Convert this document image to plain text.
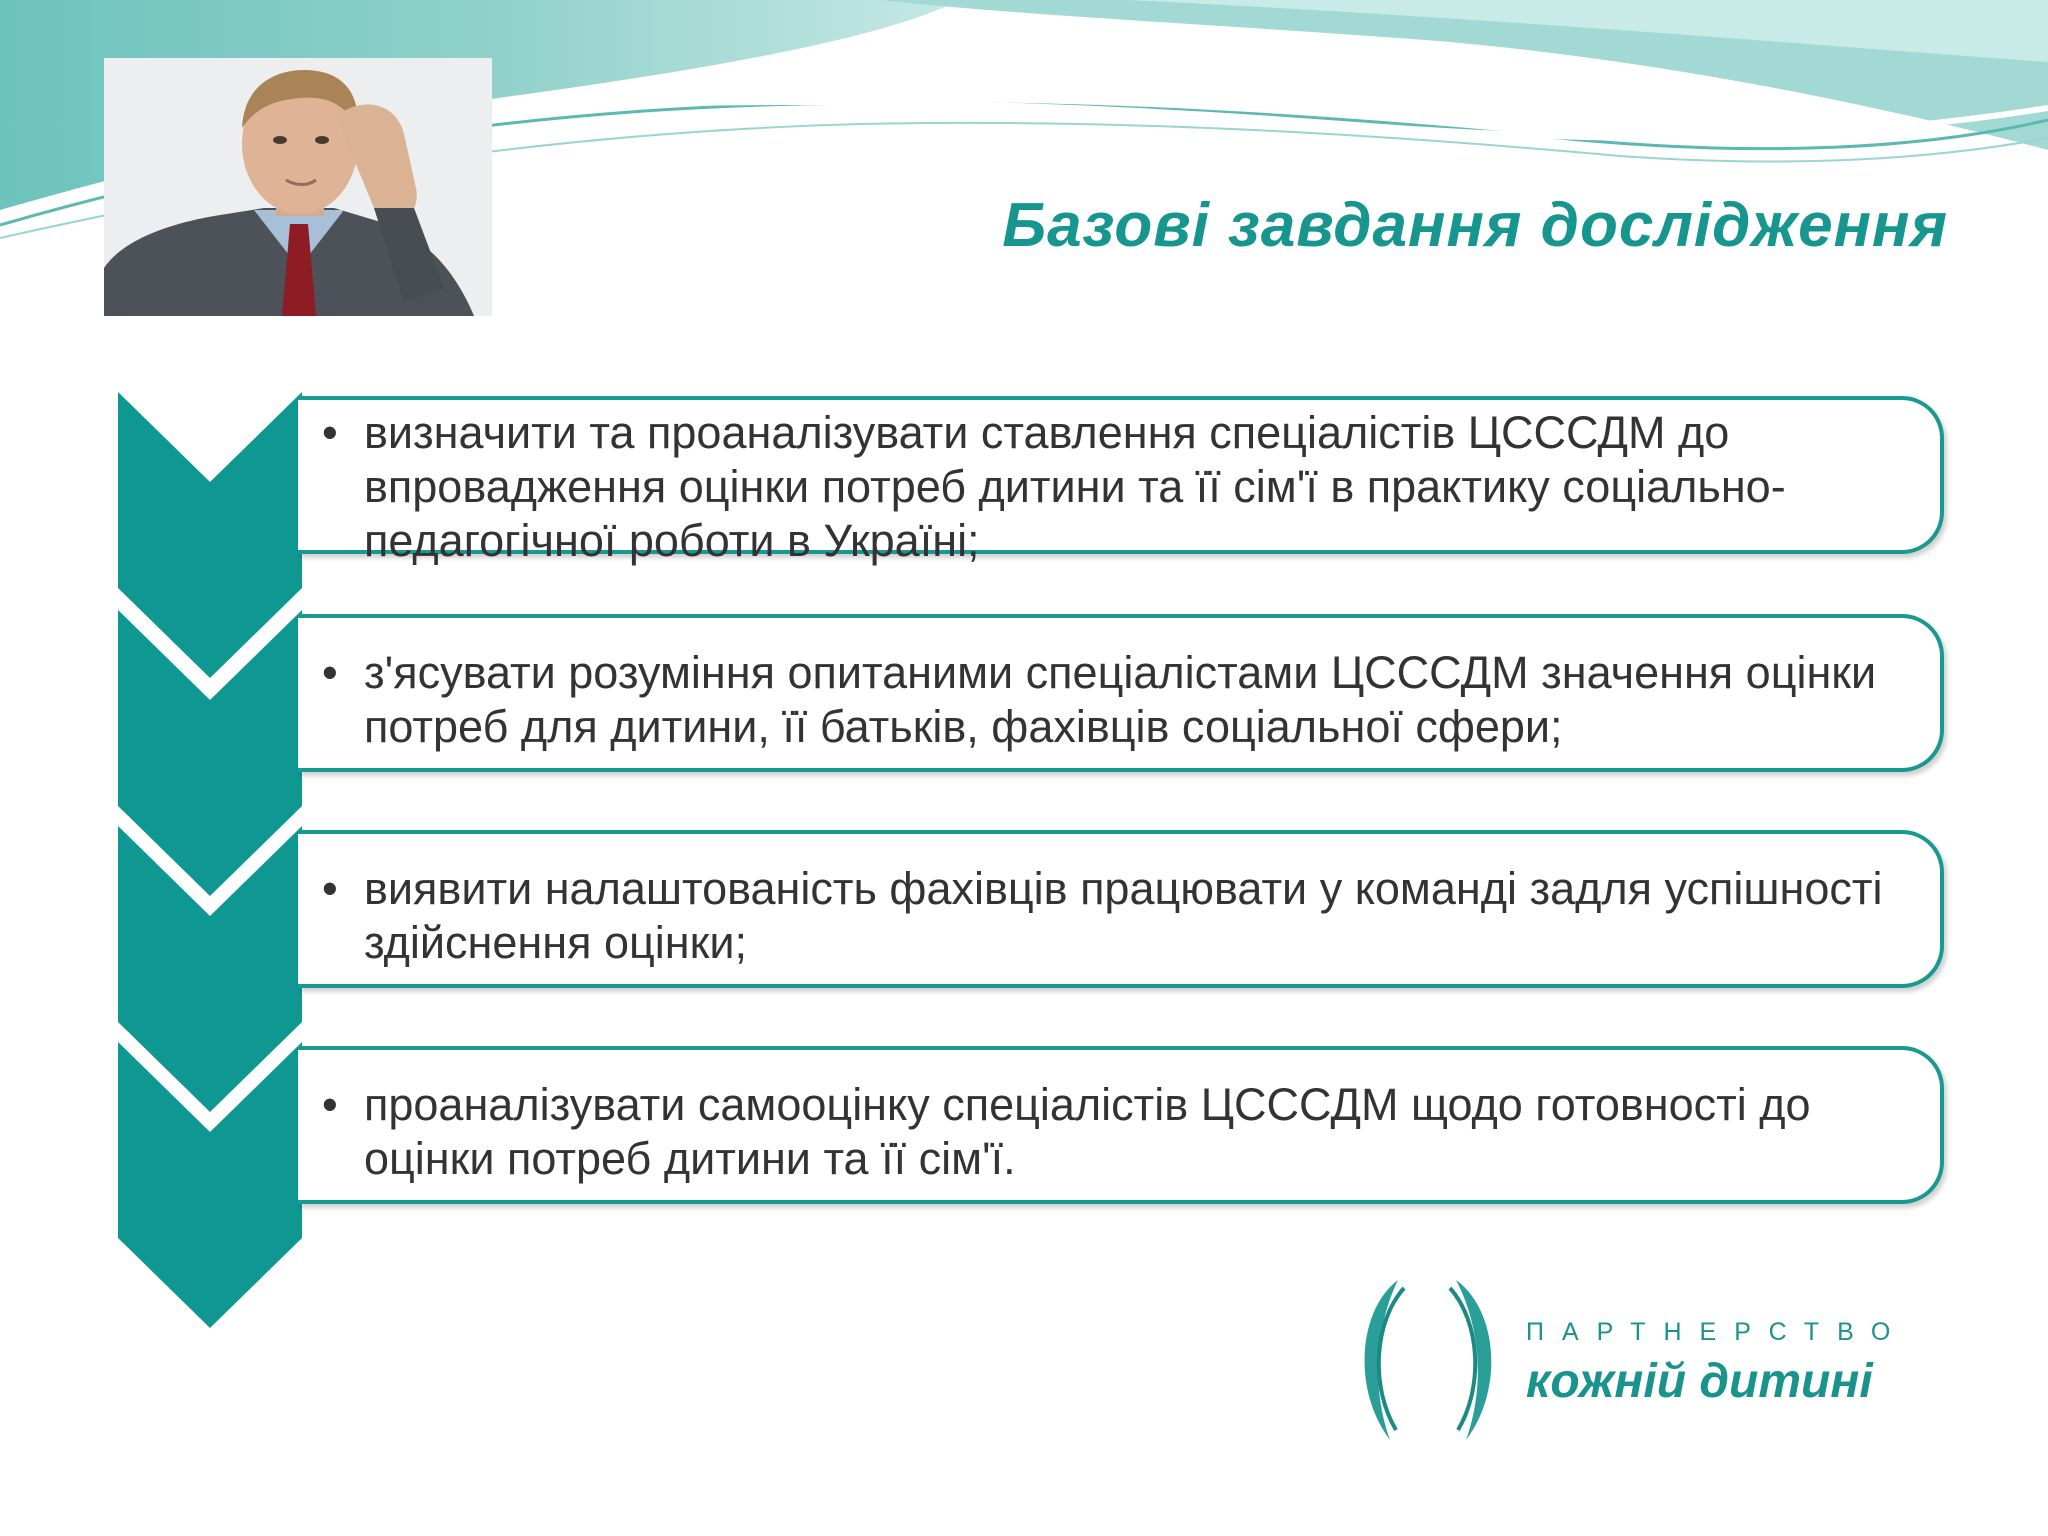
Базові завдання дослідження

• визначити та проаналізувати ставлення спеціалістів ЦСССДМ до впровадження оцінки потреб дитини та її сім'ї в практику соціально-педагогічної роботи в Україні;

• з'ясувати розуміння опитаними спеціалістами ЦСССДМ значення оцінки потреб для дитини, її батьків, фахівців соціальної сфери;

• виявити налаштованість фахівців працювати у команді задля успішності здійснення оцінки;

• проаналізувати самооцінку спеціалістів ЦСССДМ щодо готовності до оцінки потреб дитини та її сім'ї.

ПАРТНЕРСТВО
кожній дитині
